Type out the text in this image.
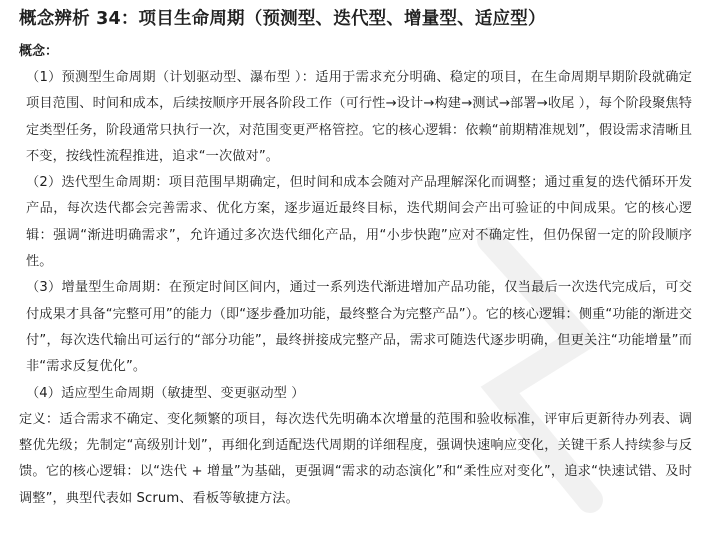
概念辨析 34：项目生命周期（预测型、迭代型、增量型、适应型）
概念：

（1）预测型生命周期（计划驱动型、瀑布型 ）：适用于需求充分明确、稳定的项目，在生命周期早期阶段就确定项目范围、时间和成本，后续按顺序开展各阶段工作（可行性→设计→构建→测试→部署→收尾 ），每个阶段聚焦特定类型任务，阶段通常只执行一次，对范围变更严格管控。它的核心逻辑：依赖“前期精准规划”，假设需求清晰且不变，按线性流程推进，追求“一次做对”。

（2）迭代型生命周期：项目范围早期确定，但时间和成本会随对产品理解深化而调整；通过重复的迭代循环开发产品，每次迭代都会完善需求、优化方案，逐步逼近最终目标，迭代期间会产出可验证的中间成果。它的核心逻辑：强调“渐进明确需求”，允许通过多次迭代细化产品，用“小步快跑”应对不确定性，但仍保留一定的阶段顺序性。

（3）增量型生命周期：在预定时间区间内，通过一系列迭代渐进增加产品功能，仅当最后一次迭代完成后，可交付成果才具备“完整可用”的能力（即“逐步叠加功能，最终整合为完整产品”）。它的核心逻辑：侧重“功能的渐进交付”，每次迭代输出可运行的“部分功能”，最终拼接成完整产品，需求可随迭代逐步明确，但更关注“功能增量”而非“需求反复优化”。

（4）适应型生命周期（敏捷型、变更驱动型 ）

定义：适合需求不确定、变化频繁的项目，每次迭代先明确本次增量的范围和验收标准，评审后更新待办列表、调整优先级；先制定“高级别计划”，再细化到适配迭代周期的详细程度，强调快速响应变化，关键干系人持续参与反馈。它的核心逻辑：以“迭代 + 增量”为基础，更强调“需求的动态演化”和“柔性应对变化”，追求“快速试错、及时调整”，典型代表如 Scrum、看板等敏捷方法。
